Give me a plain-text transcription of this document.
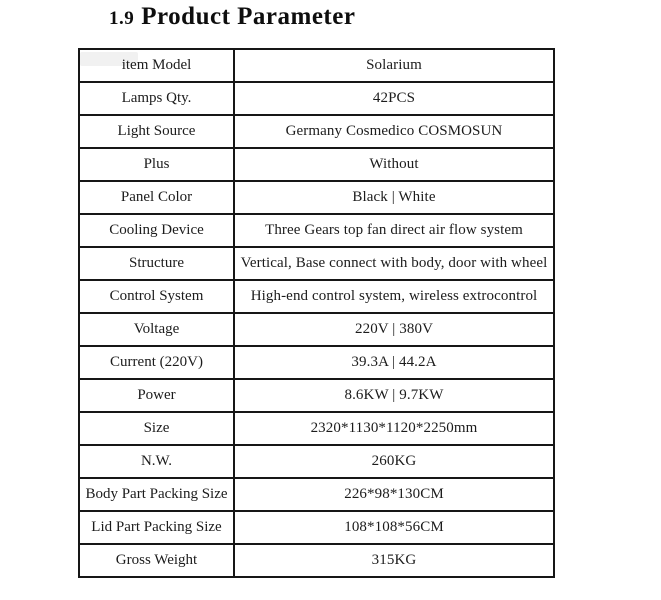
1.9 Product Parameter
item Model	Solarium
Lamps Qty.	42PCS
Light Source	Germany Cosmedico COSMOSUN
Plus	Without
Panel Color	Black | White
Cooling Device	Three Gears top fan direct air flow system
Structure	Vertical, Base connect with body, door with wheel
Control System	High-end control system, wireless extrocontrol
Voltage	220V | 380V
Current (220V)	39.3A | 44.2A
Power	8.6KW | 9.7KW
Size	2320*1130*1120*2250mm
N.W.	260KG
Body Part Packing Size	226*98*130CM
Lid Part Packing Size	108*108*56CM
Gross Weight	315KG
